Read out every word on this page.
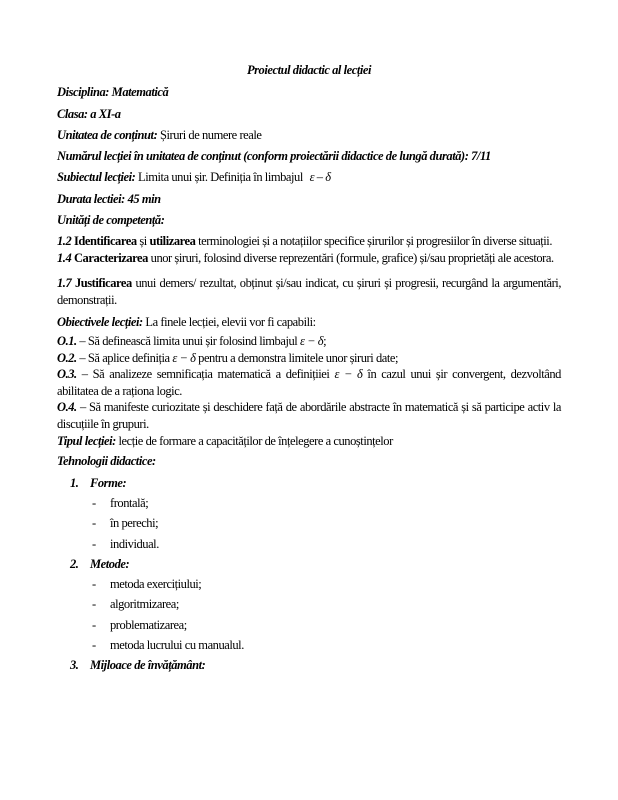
Proiectul didactic al lecției

Disciplina: Matematică

Clasa: a XI-a

Unitatea de conținut: Șiruri de numere reale

Numărul lecției în unitatea de conținut (conform proiectării didactice de lungă durată): 7/11

Subiectul lecției: Limita unui șir. Definiția în limbajul ε – δ

Durata lectiei: 45 min

Unități de competență:

1.2 Identificarea și utilizarea terminologiei și a notațiilor specifice șirurilor și progresiilor în diverse situații.

1.4 Caracterizarea unor șiruri, folosind diverse reprezentări (formule, grafice) și/sau proprietăți ale acestora.

1.7 Justificarea unui demers/ rezultat, obținut și/sau indicat, cu șiruri și progresii, recurgând la argumentări, demonstrații.

Obiectivele lecției: La finele lecției, elevii vor fi capabili:

O.1. – Să definească limita unui șir folosind limbajul ε − δ;

O.2. – Să aplice definiția ε − δ pentru a demonstra limitele unor șiruri date;

O.3. – Să analizeze semnificația matematică a definițiiei ε − δ în cazul unui șir convergent, dezvoltând abilitatea de a raționa logic.

O.4. – Să manifeste curiozitate și deschidere față de abordările abstracte în matematică și să participe activ la discuțiile în grupuri.

Tipul lecției: lecție de formare a capacităților de înțelegere a cunoștințelor

Tehnologii didactice:

1. Forme:

- frontală;

- în perechi;

- individual.

2. Metode:

- metoda exercițiului;

- algoritmizarea;

- problematizarea;

- metoda lucrului cu manualul.

3. Mijloace de învățământ:
